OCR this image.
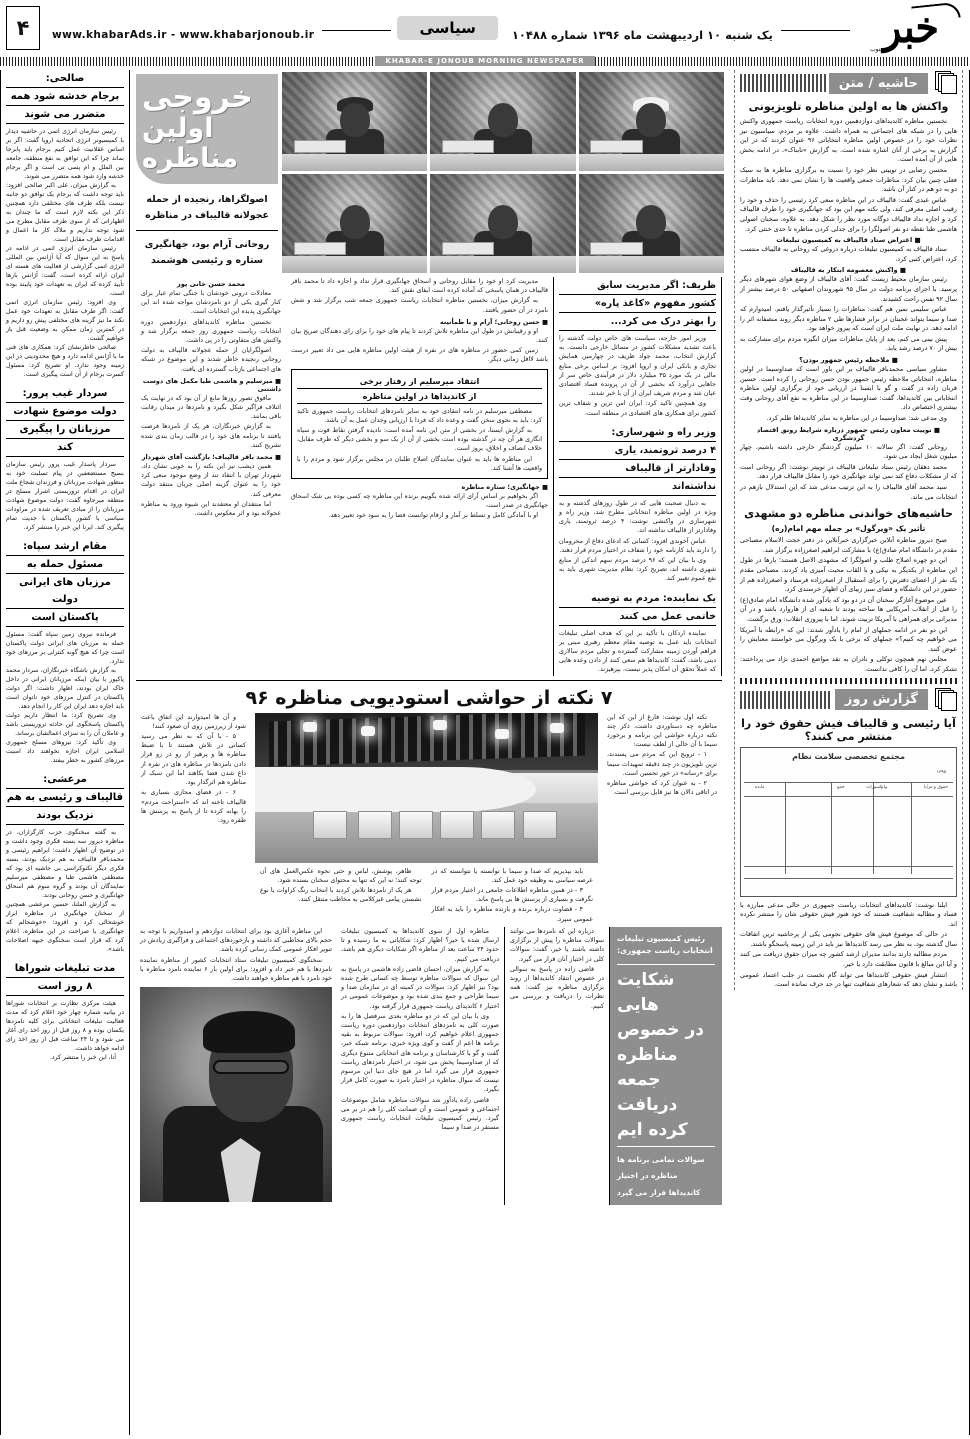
خبر
جنوب
یک شنبه ۱۰ اردیبهشت ماه ۱۳۹۶ شماره ۱۰۴۸۸
سیاسی
www.khabarAds.ir - www.khabarjonoub.ir
۴
KHABAR-E JONOUB MORNING NEWSPAPER
حاشیه / متن
واکنش ها به اولین مناظره تلویزیونی

نخستین مناظره کاندیداهای دوازدهمین دوره انتخابات ریاست جمهوری واکنش هایی را در شبکه های اجتماعی به همراه داشت. علاوه بر مردم، سیاسیون نیز نظرات خود را در خصوص اولین مناظره انتخاباتی ۹۶ عنوان کردند که در این گزارش به برخی از آنان اشاره شده است. به گزارش «تابناک»، در ادامه بخش هایی از آن آمده است.

محسن رضایی در توییتی نظر خود را نسبت به برگزاری مناظره ها به سبک فعلی چنین بیان کرد: مناظرات جمعی واقعیت ها را نشان نمی دهد. باید مناظرات دو به دو هم در کنار آن باشد.

عباس عبدی گفت: قالیباف در این مناظره سعی کرد رئیسی را حذف و خود را رقیب اصلی معرفی کند، ولی نکته مهم این بود که جهانگیری خود را طرف قالیباف کرد و اجازه نداد قالیباف دوگانه مورد نظر را شکل دهد. به علاوه، سخنان اصولی هاشمی طبا نقطه دو نفر اصولگرا را برای جدلی کردن مناظره تا حدی خنثی کرد.

■ اعتراض ستاد قالیباف به کمیسیون تبلیغات

ستاد قالیباف به کمیسیون تبلیغات درباره دروغی که روحانی به قالیباف منتسب کرد، اعتراض کتبی کرد.

■ واکنش معصومه ابتکار به قالیباف

رئیس سازمان محیط زیست گفت: آقای قالیباف از وضع هوای شهرهای دیگر پرسید. با اجرای برنامه دولت در سال ۹۵ شهروندان اصفهانی ۵۰ درصد بیشتر از سال ۹۲ نفس راحت کشیدند.

عباس سلیمی نمین هم گفت: مناظرات را بسیار تأثیرگذار یافتم. امیدوارم که صدا و سیما بتواند عجبتان در برابر فشارها طی ۲ مناظره دیگر روند منصفانه اثر را ادامه دهد. در نهایت ملت ایران است که پیروز خواهد بود.

پیش بینی می کنم، بعد از پایان مناظرات میزان انگیزه مردم برای مشارکت به بیش از ۷۰ درصد رشد یابد.

■ ملاحظه رئیس جمهور بودن؟

مشاور سیاسی محمدباقر قالیباف بر این باور است که صداوسیما در اولین مناظره، انتخاباتی ملاحظه رئیس جمهور بودن حسن روحانی را کرده است. حسین قربان زاده در گفت و گو با ایسنا در ارزیابی خود از برگزاری اولین مناظره انتخاباتی بین کاندیداها، گفت: صداوسیما در این مناظره به نفع آقای روحانی وقت بیشتری اختصاص داد.

وی مدعی شد: صداوسیما در این مناظره به سایر کاندیداها ظلم کرد.

■ توییت معاون رئیس جمهور درباره شرایط رونق اقتصاد گردشگری

روحانی گفت: اگر سالانه ۱۰ میلیون گردشگر خارجی داشته باشیم، چهار میلیون شغل ایجاد می شود.

محمد دهقان رئیس ستاد تبلیغاتی قالیباف در توییتر نوشت: اگر روحانی است که از مشکلات دفاع کند نمی تواند جهانگیری خود را مقابل قالیباف قرار دهد.

سید محمد آقای قالیباف را به این ترتیب مدعی شد که این استدلال بازهم در انتخابات می ماند.

حاشیه‌های خواندنی مناظره دو مشهدی
تأثیر یک «ویرگول» بر جمله مهم امام(ره)

صبح دیروز مناظره آنلاین خبرگزاری خبرآنلاین در دفتر حجت الاسلام مصباحی مقدم در دانشگاه امام صادق(ع) با مشارکت ابراهیم اصغرزاده برگزار شد.

این دو چهره اصلاح طلب و اصولگرا که مشهدی الاصل هستند؛ بارها در طول این مناظره از یکدیگر به نیکی و با القاب محبت آمیزی یاد کردند. مصباحی مقدم یک نفر از اعضای دفترش را برای استقبال از اصغرزاده فرستاد و اصغرزاده هم از حضور در این دانشگاه و فضای سبز زیبای آن اظهار خرسندی کرد.

عین موضوع آغازگر سخنان آن در دو بود که یادآور شده دانشگاه امام صادق(ع) را قبل از انقلاب آمریکایی ها ساخته بودند تا شعبه ای از هاروارد باشد و در آن مدیرانی برای همراهی با آمریکا تربیت شوند، اما با پیروزی انقلاب: ورق برگشت.

این دو نفر در ادامه جملهای از امام را یادآور شدند: این که «رابطه با آمریکا می خواهیم چه کنیم؟» جملهای که برخی با یک ویرگول می خواستند معنایش را عوض کنند.

مجلس نهم همچون توکلی و نادران به نقد مواضع احمدی نژاد می پرداختند: تشکر کرد، اما آن را کافی ندانست.

گزارش روز
آیا رئیسی و قالیباف فیش حقوق خود را منتشر می کنند؟
مجتمع تخصصی سلامت نظام
۱۳۹۵
حقوق و مزایا
کسورات وام
جمع
مانده

ایلنا نوشت: کاندیداهای انتخابات ریاست جمهوری در حالی مدعی مبارزه با فساد و مطالبه شفافیت هستند که خود هنوز فیش حقوقی شان را منتشر نکرده اند.

در حالی که موضوع فیش های حقوقی نجومی یکی از پرحاشیه ترین اتفاقات سال گذشته بود، به نظر می رسد کاندیداها نیز باید در این زمینه پاسخگو باشند.

مردم مطالبه دارند بدانند مدیران ارشد کشور چه میزان حقوق دریافت می کنند و آیا این مبالغ با قانون مطابقت دارد یا خیر.

انتشار فیش حقوقی کاندیداها می تواند گام نخست در جلب اعتماد عمومی باشد و نشان دهد که شعارهای شفافیت تنها در حد حرف نمانده است.

خروجی
اولین مناظره
اصولگراها، رنجیده از حمله عجولانه قالیباف در مناظره
روحانی آرام بود، جهانگیری ستاره و رئیسی هوشمند
ظریف: اگر مدیریت سابق
کشور مفهوم «کاغذ پاره»
را بهتر درک می کرد...

وزیر امور خارجه، سیاست های خاص دولت گذشته را باعث تشدید مشکلات کشور در مسائل خارجی دانست. به گزارش انتخاب، محمد جواد ظریف در چهارمین همایش تجاری و بانکی ایران و اروپا افزود: بر اساس برخی منابع مالی در یک مورد ۳۵ میلیارد دلار در فرآیندی خاص سر از جاهایی درآورد که بخشی از آن در پرونده فساد اقتصادی عیان شد و مردم شریف ایران از آن با خبر شدند.

وی همچنین تاکید کرد: ایران امن ترین و شفاف ترین کشور برای همکاری های اقتصادی در منطقه است.

وزیر راه و شهرسازی:
۴ درصد ثروتمند، یاری
وفادارتر از قالیباف
نداشته‌اند

به دنبال صحبت هایی که در طول روزهای گذشته و به ویژه در اولین مناظره انتخاباتی مطرح شد، وزیر راه و شهرسازی در واکنشی نوشت: ۴ درصد ثروتمند، یاری وفادارتر از قالیباف نداشته اند.

عباس آخوندی افزود: کسانی که ادعای دفاع از محرومان را دارند باید کارنامه خود را شفاف در اختیار مردم قرار دهند.

وی با بیان این که ۹۶ درصد مردم سهم اندکی از منابع شهری داشته اند، تصریح کرد: نظام مدیریت شهری باید به نفع عموم تغییر کند.

یک نماینده: مردم به توصیه
خاتمی عمل می کنند

نماینده اردکان با تأکید بر این که هدف اصلی تبلیغات انتخابات باید عمل به توصیه مقام معظم رهبری مبنی بر فراهم آوردن زمینه مشارکت گسترده و تجلی مردم سالاری دینی باشد، گفت: کاندیداها هم سعی کنند از دادن وعده هایی که عملاً تحقق آن امکان پذیر نیست، بپرهیزند.

مدیریت کرد او خود را مقابل روحانی و اسحاق جهانگیری قرار نداد و اجازه داد تا محمد باقر قالیباف در همان پاسخی که آماده کرده است ایفای نقش کند.

به گزارش میزان، نخستین مناظره انتخابات ریاست جمهوری جمعه شب برگزار شد و شش نامزد در آن حضور یافتند.

■ حسن روحانی؛ آرام و با طمأنینه

او و رقیبانش در طول این مناظره تلاش کردند تا پیام های خود را برای رای دهندگان صریح بیان کنند.

زمین کمی حضور در مناظره های در نفره از هیئت اولین مناظره هایی می داد تعبیر درست باشد لااقل زمانی دیگر.

انتقاد میرسلیم از رفتار برخی
از کاندیداها در اولین مناظره

مصطفی میرسلیم در نامه انتقادی خود به سایر نامزدهای انتخابات ریاست جمهوری تاکید کرد: باید به نحوی سخن گفت و وعده داد که فردا با ارزیابی وجدان عمل به آن باشد.

به گزارش ایسنا، در بخشی از متن این نامه آمده است: نادیده گرفتن نقاط قوت و سیاه انگاری هر آن چه در گذشته بوده است بخشی از آن از یک سو و بخشی دیگر که طرف مقابل، خلاف انصاف و اخلاق، بروز است.

این مناظره ها باید به عنوان نمایندگان اصلاح طلبان در مجلس برگزار شود و مردم را با واقعیت ها آشنا کند.

■ جهانگیری؛ ستاره مناظره

اگر بخواهیم بر اساس آرای ارائه شده بگوییم برنده این مناظره چه کسی بوده بی شک اسحاق جهانگیری در صدر است.

او با آمادگی کامل و تسلط بر آمار و ارقام توانست فضا را به سود خود تغییر دهد.

محمد حسن خانی پور

معادلات درونی خودشان با جنگی تمام عیار برای کنار گیری یکی از دو نامزدشان مواجه شده اند این جهانگیری پدیده این انتخابات است.

نخستین مناظره کاندیداهای دوازدهمین دوره انتخابات ریاست جمهوری روز جمعه برگزار شد و واکنش های متفاوتی را در پی داشت.

اصولگرایان از حمله عجولانه قالیباف به دولت روحانی رنجیده خاطر شدند و این موضوع در شبکه های اجتماعی بازتاب گسترده ای یافت.

■ میرسلیم و هاشمی طبا مکمل های دوست داشتنی

مافوق تصور روزها مانع از آن بود که در نهایت یک ائتلاف فراگیر شکل بگیرد و نامزدها در میدان رقابت باقی بمانند.

به گزارش خبرنگاران، هر یک از نامزدها فرصت یافتند تا برنامه های خود را در قالب زمان بندی شده تشریح کنند.

■ محمد باقر قالیباف؛ بازگشت آقای شهردار

همین دیشب نیز این نکته را به خوبی نشان داد، شهردار تهران با انتقاد تند از وضع موجود سعی کرد خود را به عنوان گزینه اصلی جریان منتقد دولت معرفی کند.

اما منتقدان او معتقدند این شیوه ورود به مناظره عجولانه بود و اثر معکوس داشت.

۷ نکته از حواشی استودیویی مناظره ۹۶

نکته اول نوشت: فارغ از این که این مناظره چه دستاوردی داشت، ذکر چند نکته درباره حواشی این برنامه و برخورد سیما با آن خالی از لطف نیست:

۱ - ترویج این که مردم می پسندند، ترین تلویزیون در چند دقیقه تمهیدات سیما برای «رسانه» در خور تحسین است.

۲ - به عنوان کرد که حواشی مناظره در اتاقی دالان ها نیز قابل بررسی است.

باید بپذیریم که صدا و سیما با توانسته یا نتوانسته که در عرصه سیاسی به وظیفه خود عمل کند.

۳ - در همین مناظره اطلاعات جامعی در اختیار مردم قرار نگرفت و بسیاری از پرسش ها بی پاسخ ماند.

۴ - قضاوت درباره برنده و بازنده مناظره را باید به افکار عمومی سپرد.

ظاهر، پوشش، لباس و حتی نحوه عکس‌العمل های آن توجه کنند؛ نه این که تنها به محتوای سخنان بسنده شود.

هر یک از نامزدها تلاش کردند با انتخاب رنگ کراوات یا نوع نشستن پیامی غیرکلامی به مخاطب منتقل کنند.

و آن ها امیدوارند این اتفاق باعث شود از زیرزمین روی آن صعود کنند!

۵ - با آن که به نظر می رسید کسانی در تلاش هستند تا با ضبط مناظره ها و پرهیز از رو در رو قرار دادن نامزدها در مناظره های در نفره از داغ شدن فضا بکاهند اما این سبک از مناظره هم اثرگذار بود.

۶ - در فضای مجازی بسیاری به قالیباف تاخته اند که «استراحت مردم» را بهانه کرده تا از پاسخ به پرسش ها طفره رود.

رئیس کمیسیون تبلیغات انتخابات ریاست جمهوری:
شکایت هایی
در خصوص
مناظره جمعه
دریافت کرده ایم
سوالات تمامی برنامه ها
مناظره در اختیار
کاندیداها قرار می گیرد

درباره این که نامزدها می توانند سوالات مناظره را پیش از برگزاری داشته باشند یا خیر، گفت: سوالات کلی در اختیار آنان قرار می گیرد.

قاضی زاده در پاسخ به سوالی در خصوص انتقاد کاندیداها از روند برگزاری مناظره نیز گفت: همه نظرات را دریافت و بررسی می کنیم.

مناظره اول از سوی کاندیداها به کمیسیون تبلیغات ارسال شده یا خیر؟ اظهار کرد: شکایاتی به ما رسیده و تا حدود ۲۴ ساعت بعد از مناظره اگر شکایات دیگری هم باشد، دریافت می کنیم.

به گزارش میزان، احسان قاضی زاده هاشمی در پاسخ به این سوال که سوالات مناظره توسط چه کسانی طرح شده بود؟ نیز اظهار کرد: سوالات در کمیته ای در سازمان صدا و سیما طراحی و جمع بندی شده بود و موضوعات عمومی در اختیار ۶ کاندیدای ریاست جمهوری قرار گرفته بود.

وی با بیان این که در دو مناظره بعدی سرفصل ها را به صورت کلی به نامزدهای انتخابات دوازدهمین دوره ریاست جمهوری اعلام خواهیم کرد، افزود: سوالات مربوط به بقیه برنامه ها اعم از گفت و گوی ویژه خبری، برنامه شبکه خبر، گفت و گو با کارشناسان و برنامه های انتخاباتی متنوع دیگری که از صداوسیما پخش می شود، در اختیار نامزدهای ریاست جمهوری قرار می گیرد اما در هیچ جای دنیا این مرسوم نیست که سوال مناظره در اختیار نامزد به صورت کامل قرار بگیرد.

قاضی زاده یادآور شد سوالات مناظره شامل موضوعات اجتماعی و عمومی است و آن ضمانت کلی را هم در بر می گیرد. رئیس کمیسیون تبلیغات انتخابات ریاست جمهوری مستقر در صدا و سیما

این مناظره آغازی بود برای انتخابات دوازدهم و امیدواریم با توجه به حجم بالای مخاطبی که داشته و بازخوردهای اجتماعی و فراگیری زیادش در تنویر افکار عمومی کمک رسانی کرده باشد.

سخنگوی کمیسیون تبلیغات ستاد انتخابات کشور از مناظره نماینده نامزدها با هم خبر داد و افزود: برای اولین بار ۶ نماینده نامزد مناظره با خود نامزد با هم مناظره خواهند داشت.

صالحی:
برجام خدشه شود همه
متضرر می شوند

رئیس سازمان انرژی اتمی در حاشیه دیدار با کمیسیونر انرژی اتحادیه اروپا گفت: اگر بر اساس عقلانیت عمل کنیم برجام باید پابرجا بماند چرا که این توافق به نفع منطقه، جامعه بین الملل و ام پسی تی است و اگر برجام خدشه وارد شود همه متضرر می شوند.

به گزارش میزان، علی اکبر صالحی افزود: باید توجه داشت که برجام یک توافق دو جانبه نیست بلکه طرف های مختلفی دارد همچنین ذکر این نکته لازم است که ما چندان به اظهاراتی که از سوی طرف مقابل مطرح می شود توجه نداریم و ملاک کار ما اعمال و اقدامات طرف مقابل است.

رئیس سازمان انرژی اتمی در ادامه در پاسخ به این سوال که آیا آژانس بین المللی انرژی اتمی گزارشی از فعالیت های هسته ای ایران ارائه کرده است، گفت: آژانس بارها تأیید کرده که ایران به تعهدات خود پایبند بوده است.

وی افزود: رئیس سازمان انرژی اتمی گفت: اگر طرف مقابل به تعهدات خود عمل نکند ما نیز گزینه های مختلفی پیش رو داریم و در کمترین زمان ممکن به وضعیت قبل باز خواهیم گشت.

صالحی خاطرنشان کرد: همکاری های فنی ما با آژانس ادامه دارد و هیچ محدودیتی در این زمینه وجود ندارد. او تصریح کرد: مسئول کسرت برجام از آن است پیگیری است.

سردار غیب پرور:
دولت موضوع شهادت
مرزبانان را پیگیری
کند

سردار پاسدار غیب پرور رئیس سازمان بسیج مستضعفین در پیام تسلیت خود به منظور شهادت مرزبانان و فرزندان شجاع ملت ایران در اقدام تروریستی اشرار مسلح در منطقه میرجاوه گفت: دولت موضوع شهادت مرزبانان را از مبادی تعریف شده در مراودات سیاسی با کشور پاکستان با جدیت تمام پیگیری کند. ایرنا این خبر را منتشر کرد.

مقام ارشد سپاه:
مسئول حمله به
مرزبان های ایرانی دولت
پاکستان است

فرمانده نیروی زمین سپاه گفت: مسئول حمله به مرزبان های ایرانی دولت پاکستان است چرا که هیچ گونه کنترلی بر مرزهای خود ندارد.

به گزارش باشگاه خبرنگاران، سردار محمد پاکپور با بیان اینکه مرزبانان ایرانی در داخل خاک ایران بودند، اظهار داشت: اگر دولت پاکستان در کنترل مرزهای خود ناتوان است باید اجازه دهد ایران این کار را انجام دهد.

وی تصریح کرد: ما انتظار داریم دولت پاکستان پاسخگوی این حادثه تروریستی باشد و عاملان آن را به سزای اعمالشان برساند.

وی تأکید کرد: نیروهای مسلح جمهوری اسلامی ایران اجازه نخواهند داد امنیت مرزهای کشور به خطر بیفتد.

مرعشی:
قالیباف و رئیسی به هم
نزدیک بودند

به گفته سخنگوی حزب کارگزاران، در مناظره دیروز سه بسته فکری وجود داشت و در توضیح آن اظهار داشت: ابراهیم رئیسی و محمدباقر قالیباف به هم نزدیک بودند، بسته فکری دیگر تکنوکراسی بی حاشیه ای بود که مصطفی هاشمی طبا و مصطفی میرسلیم نمایندگان آن بودند و گروه سوم هم اسحاق جهانگیری و حسن روحانی بودند.

به گزارش الملنا، حسین مرعشی همچنین از سخنان جهانگیری در مناظره ابراز خوشحالی کرد و افزود: «خوشحالم که جهانگیری با صراحت در این مناظره، اعلام کرد که قرار است سخنگوی جبهه اصلاحات باشد».

مدت تبلیغات شوراها
۸ روز است

هیئت مرکزی نظارت بر انتخابات شوراها در بیانیه شماره چهار خود اعلام کرد که مدت فعالیت تبلیغات انتخاباتی برای کلیه نامزدها یکسان بوده و ۸ روز قبل از روز اخذ رای آغاز می شود و تا ۲۴ ساعت قبل از روز اخذ رای ادامه خواهد داشت.

آنا، این خبر را منتشر کرد.
